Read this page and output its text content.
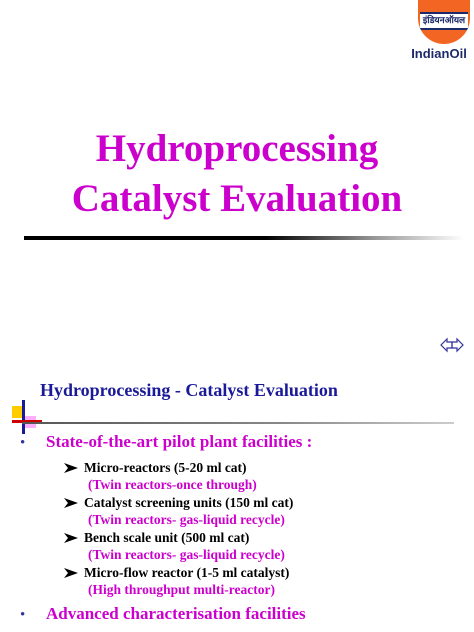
इंडियनऑयल
IndianOil
Hydroprocessing
Catalyst Evaluation
Hydroprocessing - Catalyst Evaluation
•	State-of-the-art pilot plant facilities :
Micro-reactors (5-20 ml cat)
(Twin reactors-once through)
Catalyst screening units (150 ml cat)
(Twin reactors- gas-liquid recycle)
Bench scale unit (500 ml cat)
(Twin reactors- gas-liquid recycle)
Micro-flow reactor (1-5 ml catalyst)
(High throughput multi-reactor)
•	Advanced characterisation facilities
